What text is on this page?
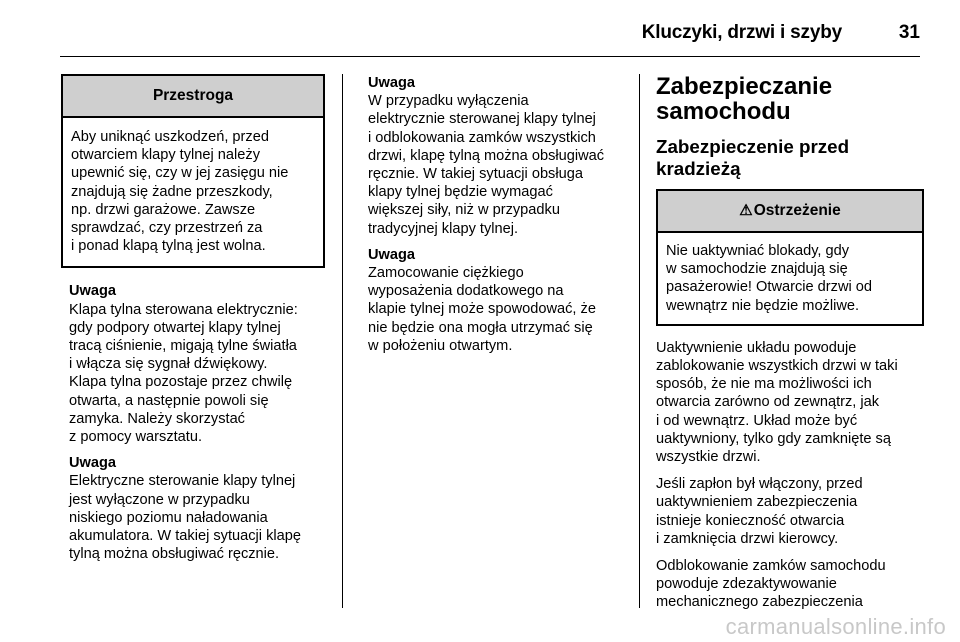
Kluczyki, drzwi i szyby	31
Przestroga
Aby uniknąć uszkodzeń, przed
otwarciem klapy tylnej należy
upewnić się, czy w jej zasięgu nie
znajdują się żadne przeszkody,
np. drzwi garażowe. Zawsze
sprawdzać, czy przestrzeń za
i ponad klapą tylną jest wolna.
Uwaga
Klapa tylna sterowana elektrycznie:
gdy podpory otwartej klapy tylnej
tracą ciśnienie, migają tylne światła
i włącza się sygnał dźwiękowy.
Klapa tylna pozostaje przez chwilę
otwarta, a następnie powoli się
zamyka. Należy skorzystać
z pomocy warsztatu.
Uwaga
Elektryczne sterowanie klapy tylnej
jest wyłączone w przypadku
niskiego poziomu naładowania
akumulatora. W takiej sytuacji klapę
tylną można obsługiwać ręcznie.
Uwaga
W przypadku wyłączenia
elektrycznie sterowanej klapy tylnej
i odblokowania zamków wszystkich
drzwi, klapę tylną można obsługiwać
ręcznie. W takiej sytuacji obsługa
klapy tylnej będzie wymagać
większej siły, niż w przypadku
tradycyjnej klapy tylnej.
Uwaga
Zamocowanie ciężkiego
wyposażenia dodatkowego na
klapie tylnej może spowodować, że
nie będzie ona mogła utrzymać się
w położeniu otwartym.
Zabezpieczanie
samochodu
Zabezpieczenie przed
kradzieżą
⚠Ostrzeżenie
Nie uaktywniać blokady, gdy
w samochodzie znajdują się
pasażerowie! Otwarcie drzwi od
wewnątrz nie będzie możliwe.
Uaktywnienie układu powoduje
zablokowanie wszystkich drzwi w taki
sposób, że nie ma możliwości ich
otwarcia zarówno od zewnątrz, jak
i od wewnątrz. Układ może być
uaktywniony, tylko gdy zamknięte są
wszystkie drzwi.
Jeśli zapłon był włączony, przed
uaktywnieniem zabezpieczenia
istnieje konieczność otwarcia
i zamknięcia drzwi kierowcy.
Odblokowanie zamków samochodu
powoduje zdezaktywowanie
mechanicznego zabezpieczenia
carmanualsonline.info
